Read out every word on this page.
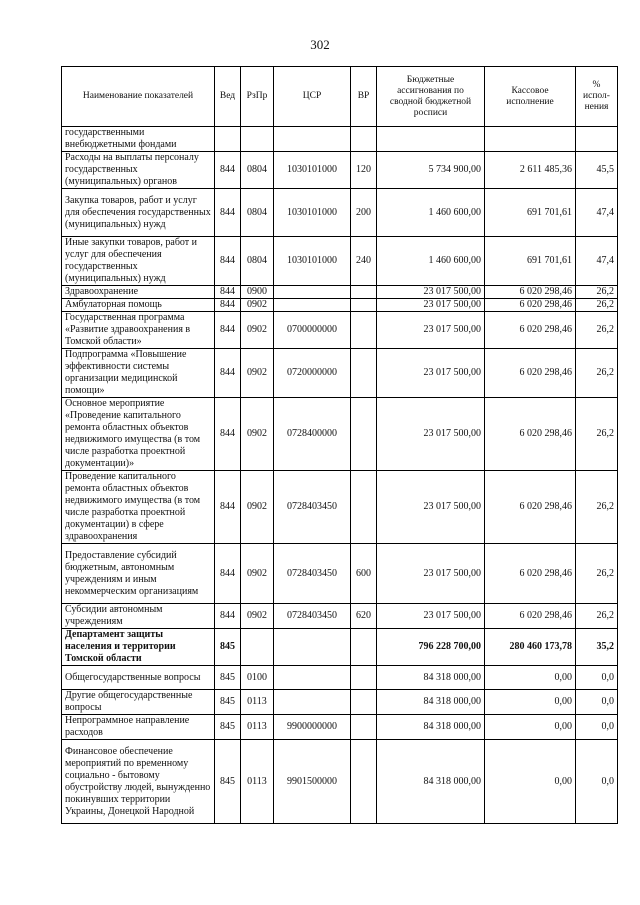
302
Наименование показателей	Вед	РзПр	ЦСР	ВР	Бюджетные ассигнования по сводной бюджетной росписи	Кассовое исполнение	% испол-нения
государственными внебюджетными фондами							
Расходы на выплаты персоналу государственных (муниципальных) органов	844	0804	1030101000	120	5 734 900,00	2 611 485,36	45,5
Закупка товаров, работ и услуг для обеспечения государственных (муниципальных) нужд	844	0804	1030101000	200	1 460 600,00	691 701,61	47,4
Иные закупки товаров, работ и услуг для обеспечения государственных (муниципальных) нужд	844	0804	1030101000	240	1 460 600,00	691 701,61	47,4
Здравоохранение	844	0900			23 017 500,00	6 020 298,46	26,2
Амбулаторная помощь	844	0902			23 017 500,00	6 020 298,46	26,2
Государственная программа «Развитие здравоохранения в Томской области»	844	0902	0700000000		23 017 500,00	6 020 298,46	26,2
Подпрограмма «Повышение эффективности системы организации медицинской помощи»	844	0902	0720000000		23 017 500,00	6 020 298,46	26,2
Основное мероприятие «Проведение капитального ремонта областных объектов недвижимого имущества (в том числе разработка проектной документации)»	844	0902	0728400000		23 017 500,00	6 020 298,46	26,2
Проведение капитального ремонта областных объектов недвижимого имущества (в том числе разработка проектной документации) в сфере здравоохранения	844	0902	0728403450		23 017 500,00	6 020 298,46	26,2
Предоставление субсидий бюджетным, автономным учреждениям и иным некоммерческим организациям	844	0902	0728403450	600	23 017 500,00	6 020 298,46	26,2
Субсидии автономным учреждениям	844	0902	0728403450	620	23 017 500,00	6 020 298,46	26,2
Департамент защиты населения и территории Томской области	845				796 228 700,00	280 460 173,78	35,2
Общегосударственные вопросы	845	0100			84 318 000,00	0,00	0,0
Другие общегосударственные вопросы	845	0113			84 318 000,00	0,00	0,0
Непрограммное направление расходов	845	0113	9900000000		84 318 000,00	0,00	0,0
Финансовое обеспечение мероприятий по временному социально - бытовому обустройству людей, вынужденно покинувших территории Украины, Донецкой Народной	845	0113	9901500000		84 318 000,00	0,00	0,0
